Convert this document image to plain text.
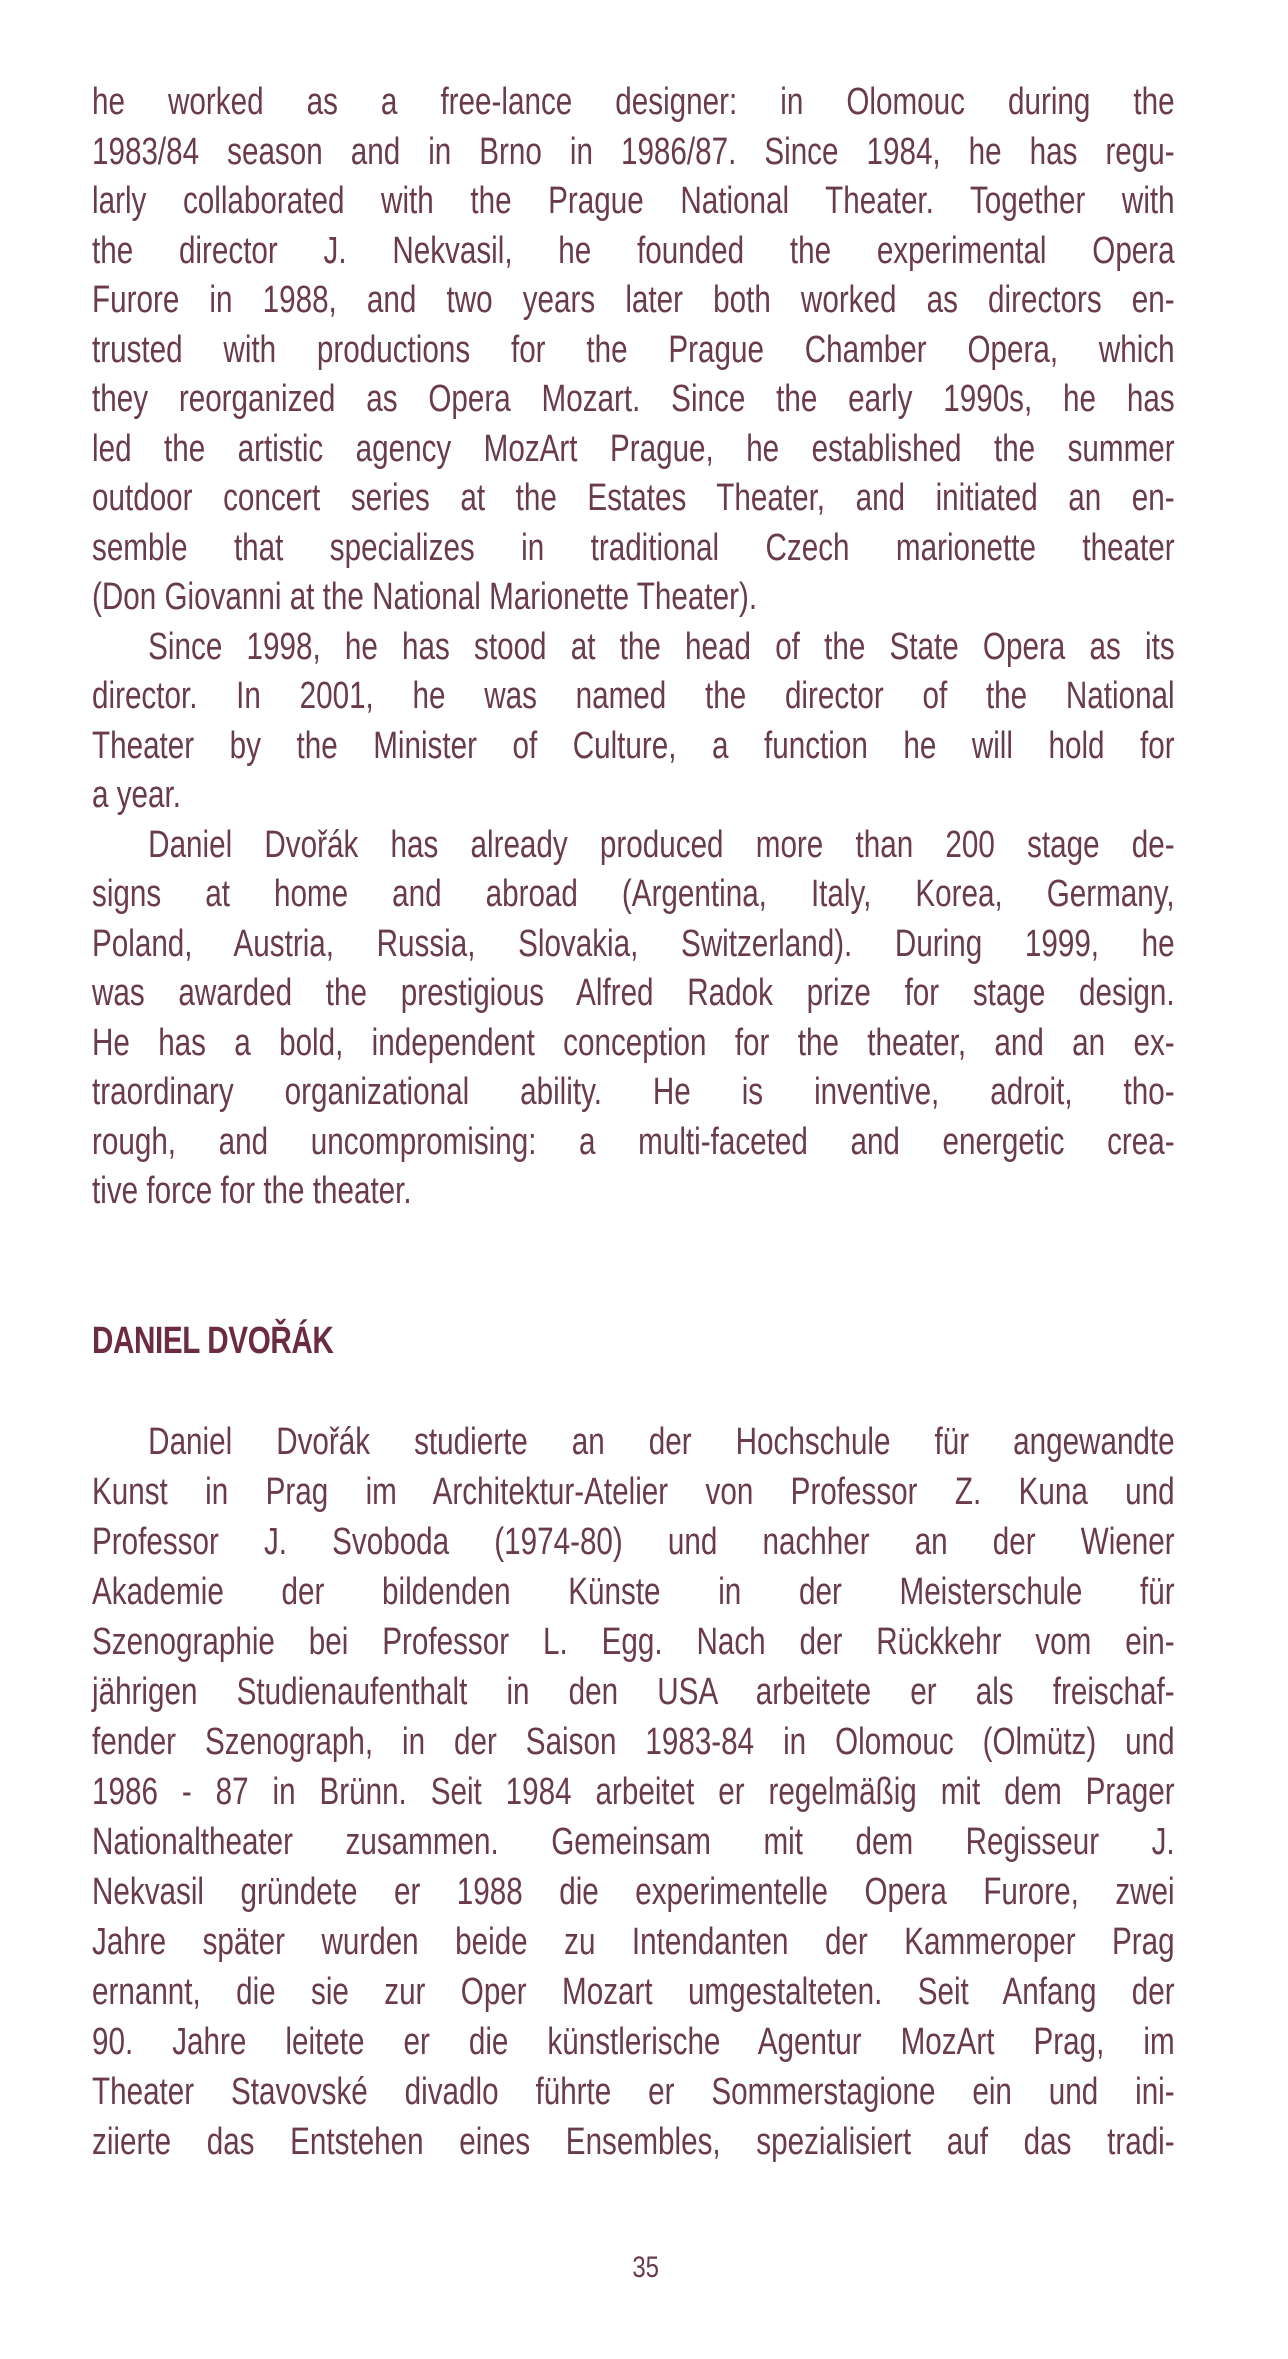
he worked as a free-lance designer: in Olomouc during the
1983/84 season and in Brno in 1986/87. Since 1984, he has regu-
larly collaborated with the Prague National Theater. Together with
the director J. Nekvasil, he founded the experimental Opera
Furore in 1988, and two years later both worked as directors en-
trusted with productions for the Prague Chamber Opera, which
they reorganized as Opera Mozart. Since the early 1990s, he has
led the artistic agency MozArt Prague, he established the summer
outdoor concert series at the Estates Theater, and initiated an en-
semble that specializes in traditional Czech marionette theater
(Don Giovanni at the National Marionette Theater).
Since 1998, he has stood at the head of the State Opera as its
director. In 2001, he was named the director of the National
Theater by the Minister of Culture, a function he will hold for
a year.
Daniel Dvořák has already produced more than 200 stage de-
signs at home and abroad (Argentina, Italy, Korea, Germany,
Poland, Austria, Russia, Slovakia, Switzerland). During 1999, he
was awarded the prestigious Alfred Radok prize for stage design.
He has a bold, independent conception for the theater, and an ex-
traordinary organizational ability. He is inventive, adroit, tho-
rough, and uncompromising: a multi-faceted and energetic crea-
tive force for the theater.
DANIEL DVOŘÁK
Daniel Dvořák studierte an der Hochschule für angewandte
Kunst in Prag im Architektur-Atelier von Professor Z. Kuna und
Professor J. Svoboda (1974-80) und nachher an der Wiener
Akademie der bildenden Künste in der Meisterschule für
Szenographie bei Professor L. Egg. Nach der Rückkehr vom ein-
jährigen Studienaufenthalt in den USA arbeitete er als freischaf-
fender Szenograph, in der Saison 1983-84 in Olomouc (Olmütz) und
1986 - 87 in Brünn. Seit 1984 arbeitet er regelmäßig mit dem Prager
Nationaltheater zusammen. Gemeinsam mit dem Regisseur J.
Nekvasil gründete er 1988 die experimentelle Opera Furore, zwei
Jahre später wurden beide zu Intendanten der Kammeroper Prag
ernannt, die sie zur Oper Mozart umgestalteten. Seit Anfang der
90. Jahre leitete er die künstlerische Agentur MozArt Prag, im
Theater Stavovské divadlo führte er Sommerstagione ein und ini-
ziierte das Entstehen eines Ensembles, spezialisiert auf das tradi-
35
